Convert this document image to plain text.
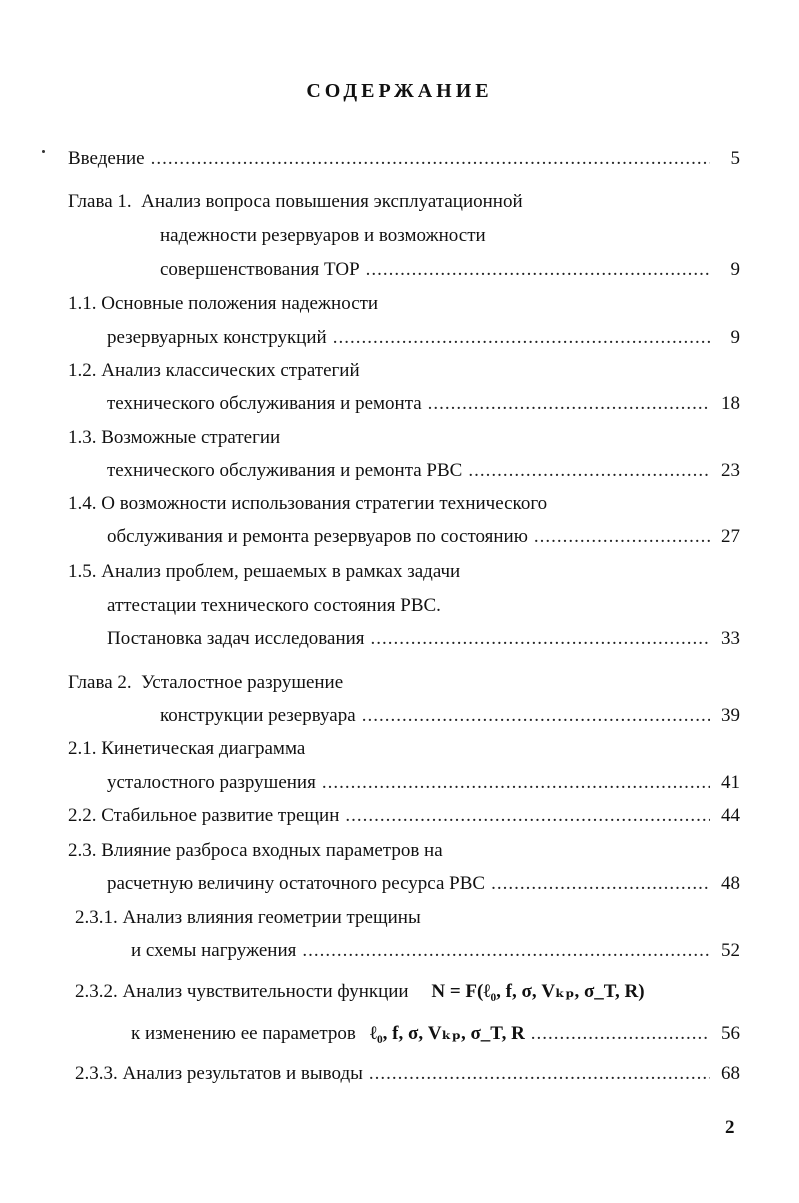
СОДЕРЖАНИЕ
Введение .....	5
Глава 1.  Анализ вопроса повышения эксплуатационной
надежности резервуаров и возможности
совершенствования ТОР .....	9
1.1. Основные положения надежности
резервуарных конструкций .....	9
1.2. Анализ классических стратегий
технического обслуживания и ремонта .....	18
1.3. Возможные стратегии
технического обслуживания и ремонта РВС .....	23
1.4. О возможности использования стратегии технического
обслуживания и ремонта резервуаров по состоянию .....	27
1.5. Анализ проблем, решаемых в рамках задачи
аттестации технического состояния РВС.
Постановка задач исследования .....	33
Глава 2.  Усталостное разрушение
конструкции резервуара .....	39
2.1. Кинетическая диаграмма
усталостного разрушения .....	41
2.2. Стабильное развитие трещин .....	44
2.3. Влияние разброса входных параметров на
расчетную величину остаточного ресурса РВС .....	48
2.3.1. Анализ влияния геометрии трещины
и схемы нагружения .....	52
2.3.2. Анализ чувствительности функции N = F(ℓ₀, f, σ, Vₖₚ, σ_T, R)
к изменению ее параметров ℓ₀, f, σ, Vₖₚ, σ_T, R .....	56
2.3.3. Анализ результатов и выводы .....	68
2
